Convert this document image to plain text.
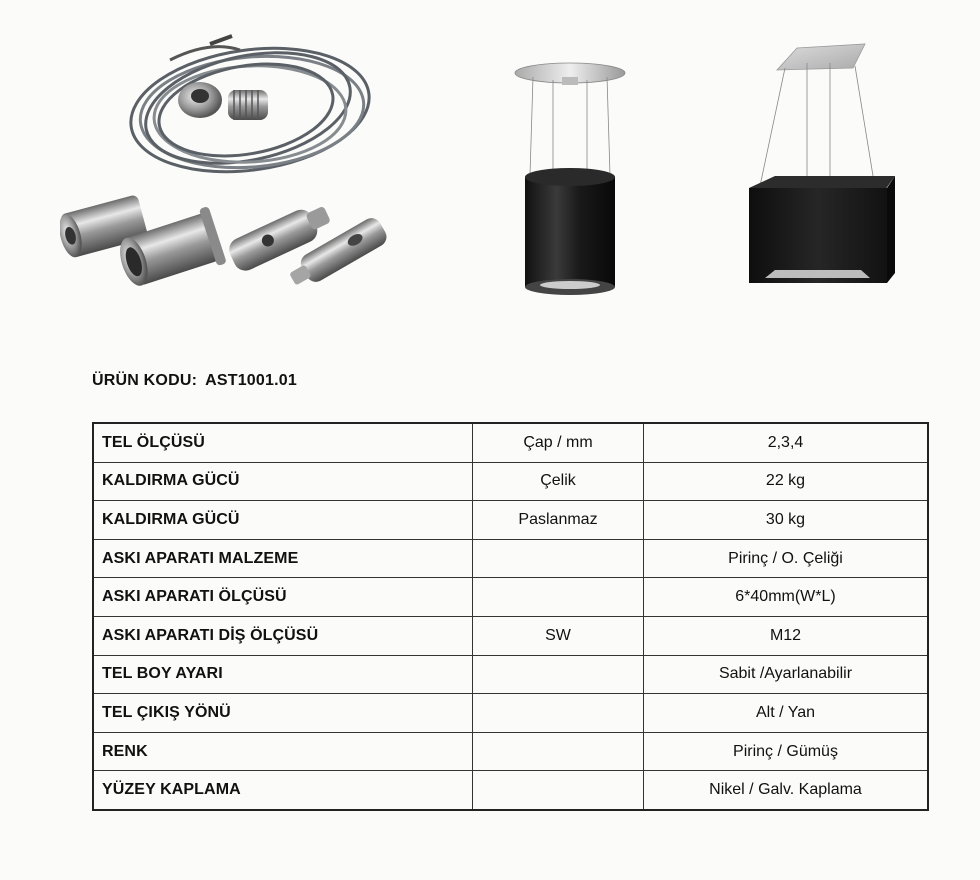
ÜRÜN KODU: AST1001.01
TEL ÖLÇÜSÜ	Çap / mm	2,3,4
KALDIRMA GÜCÜ	Çelik	22 kg
KALDIRMA GÜCÜ	Paslanmaz	30 kg
ASKI APARATI MALZEME		Pirinç / O. Çeliği
ASKI APARATI ÖLÇÜSÜ		6*40mm(W*L)
ASKI APARATI DİŞ ÖLÇÜSÜ	SW	M12
TEL BOY AYARI		Sabit /Ayarlanabilir
TEL ÇIKIŞ YÖNÜ		Alt / Yan
RENK		Pirinç / Gümüş
YÜZEY KAPLAMA		Nikel / Galv. Kaplama
